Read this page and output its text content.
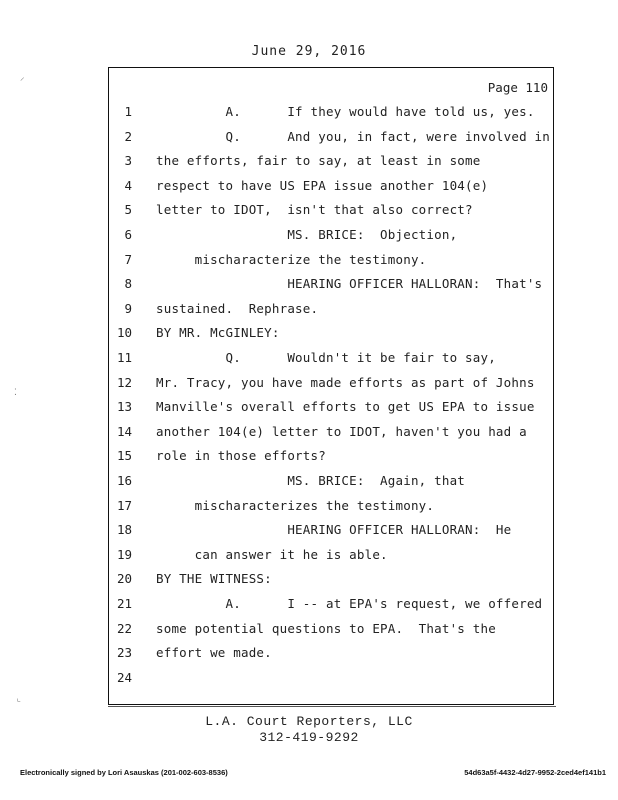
June 29, 2016
Page 110
1 A.      If they would have told us, yes.
2 Q.      And you, in fact, were involved in
3 the efforts, fair to say, at least in some
4 respect to have US EPA issue another 104(e)
5 letter to IDOT,  isn't that also correct?
6 MS. BRICE:  Objection,
7 mischaracterize the testimony.
8 HEARING OFFICER HALLORAN:  That's
9 sustained.  Rephrase.
10 BY MR. McGINLEY:
11 Q.      Wouldn't it be fair to say,
12 Mr. Tracy, you have made efforts as part of Johns
13 Manville's overall efforts to get US EPA to issue
14 another 104(e) letter to IDOT, haven't you had a
15 role in those efforts?
16 MS. BRICE:  Again, that
17 mischaracterizes the testimony.
18 HEARING OFFICER HALLORAN:  He
19 can answer it he is able.
20 BY THE WITNESS:
21 A.      I -- at EPA's request, we offered
22 some potential questions to EPA.  That's the
23 effort we made.
24
L.A. Court Reporters, LLC
312-419-9292
Electronically signed by Lori Asauskas (201-002-603-8536)	54d63a5f-4432-4d27-9952-2ced4ef141b1
⸝
⁚
⌞
